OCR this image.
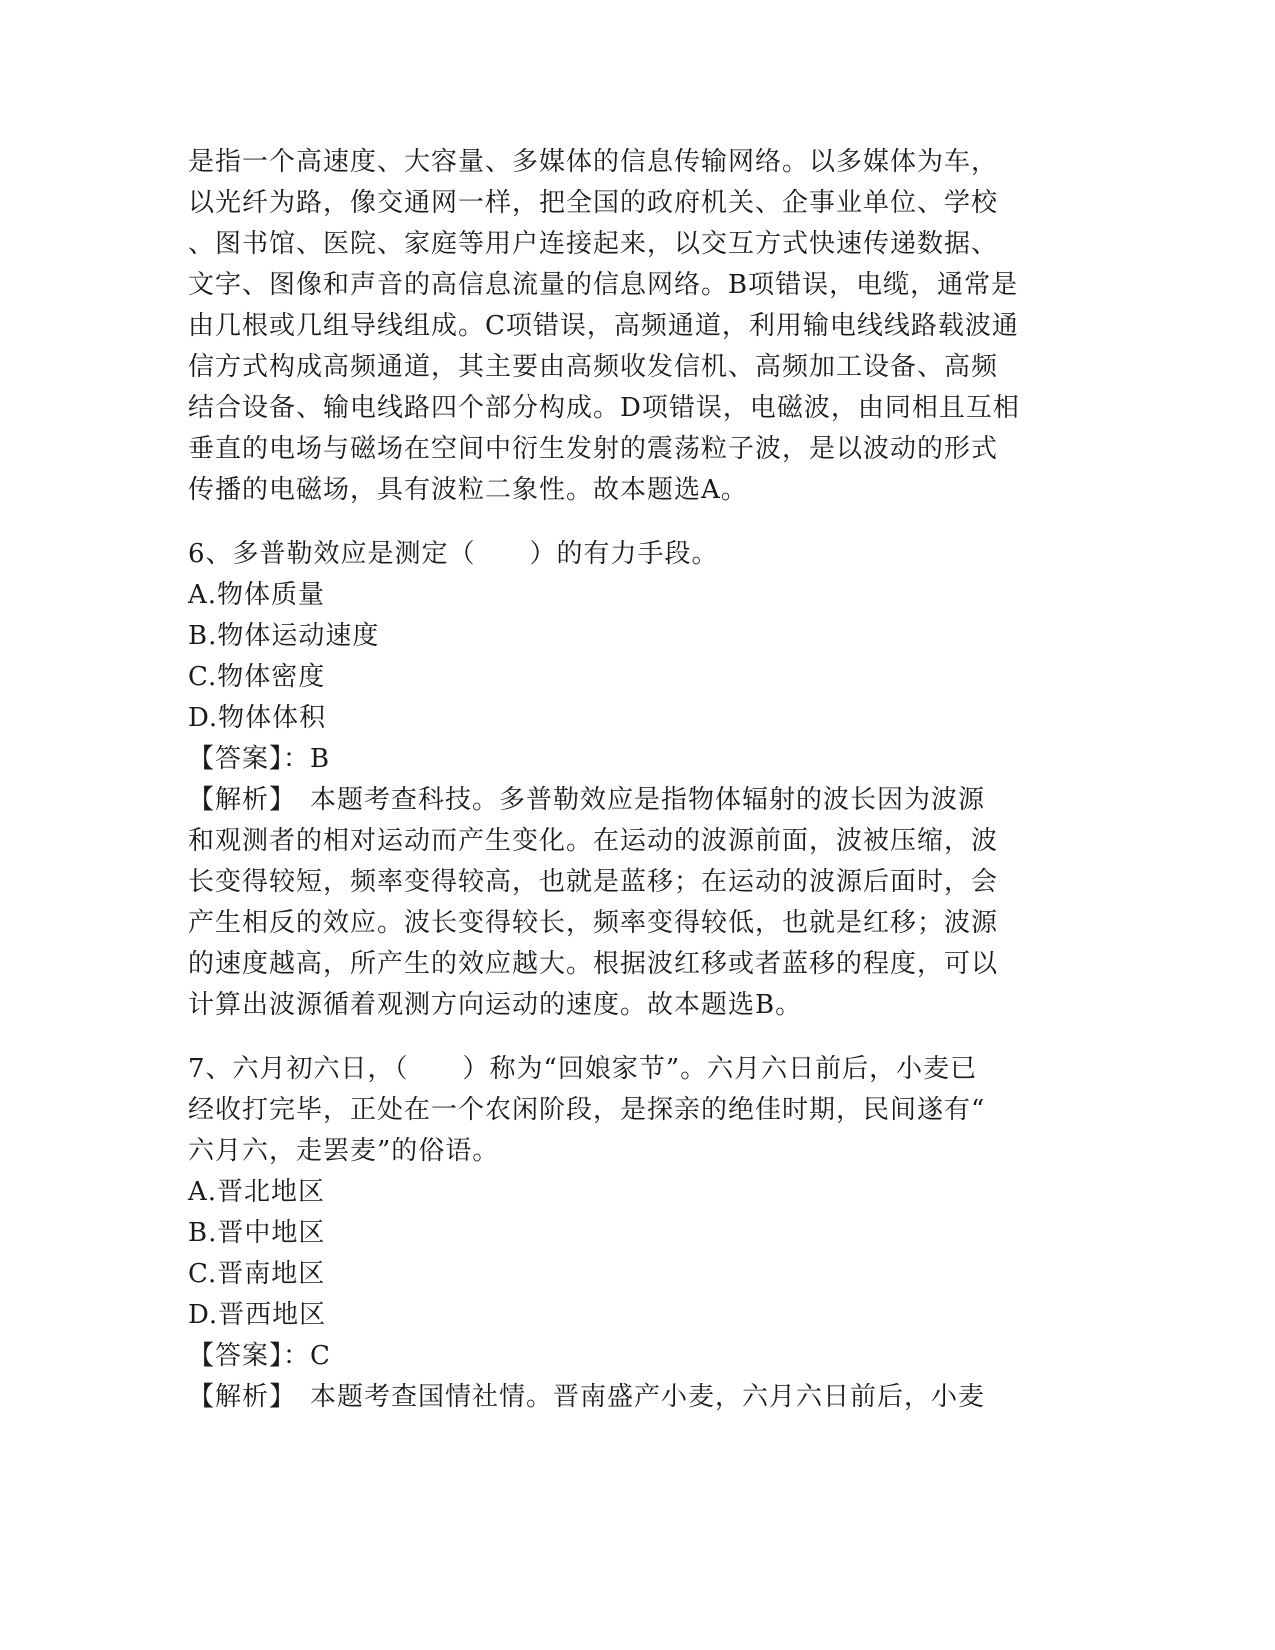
是指一个高速度、大容量、多媒体的信息传输网络。以多媒体为车，
以光纤为路，像交通网一样，把全国的政府机关、企事业单位、学校
、图书馆、医院、家庭等用户连接起来，以交互方式快速传递数据、
文字、图像和声音的高信息流量的信息网络。B项错误，电缆，通常是
由几根或几组导线组成。C项错误，高频通道，利用输电线线路载波通
信方式构成高频通道，其主要由高频收发信机、高频加工设备、高频
结合设备、输电线路四个部分构成。D项错误，电磁波，由同相且互相
垂直的电场与磁场在空间中衍生发射的震荡粒子波，是以波动的形式
传播的电磁场，具有波粒二象性。故本题选A。
6、多普勒效应是测定（　　）的有力手段。
A.物体质量
B.物体运动速度
C.物体密度
D.物体体积
【答案】：B
【解析】　本题考查科技。多普勒效应是指物体辐射的波长因为波源
和观测者的相对运动而产生变化。在运动的波源前面，波被压缩，波
长变得较短，频率变得较高，也就是蓝移；在运动的波源后面时，会
产生相反的效应。波长变得较长，频率变得较低，也就是红移；波源
的速度越高，所产生的效应越大。根据波红移或者蓝移的程度，可以
计算出波源循着观测方向运动的速度。故本题选B。
7、六月初六日，（　　）称为“回娘家节”。六月六日前后，小麦已
经收打完毕，正处在一个农闲阶段，是探亲的绝佳时期，民间遂有“
六月六，走罢麦”的俗语。
A.晋北地区
B.晋中地区
C.晋南地区
D.晋西地区
【答案】：C
【解析】　本题考查国情社情。晋南盛产小麦，六月六日前后，小麦
